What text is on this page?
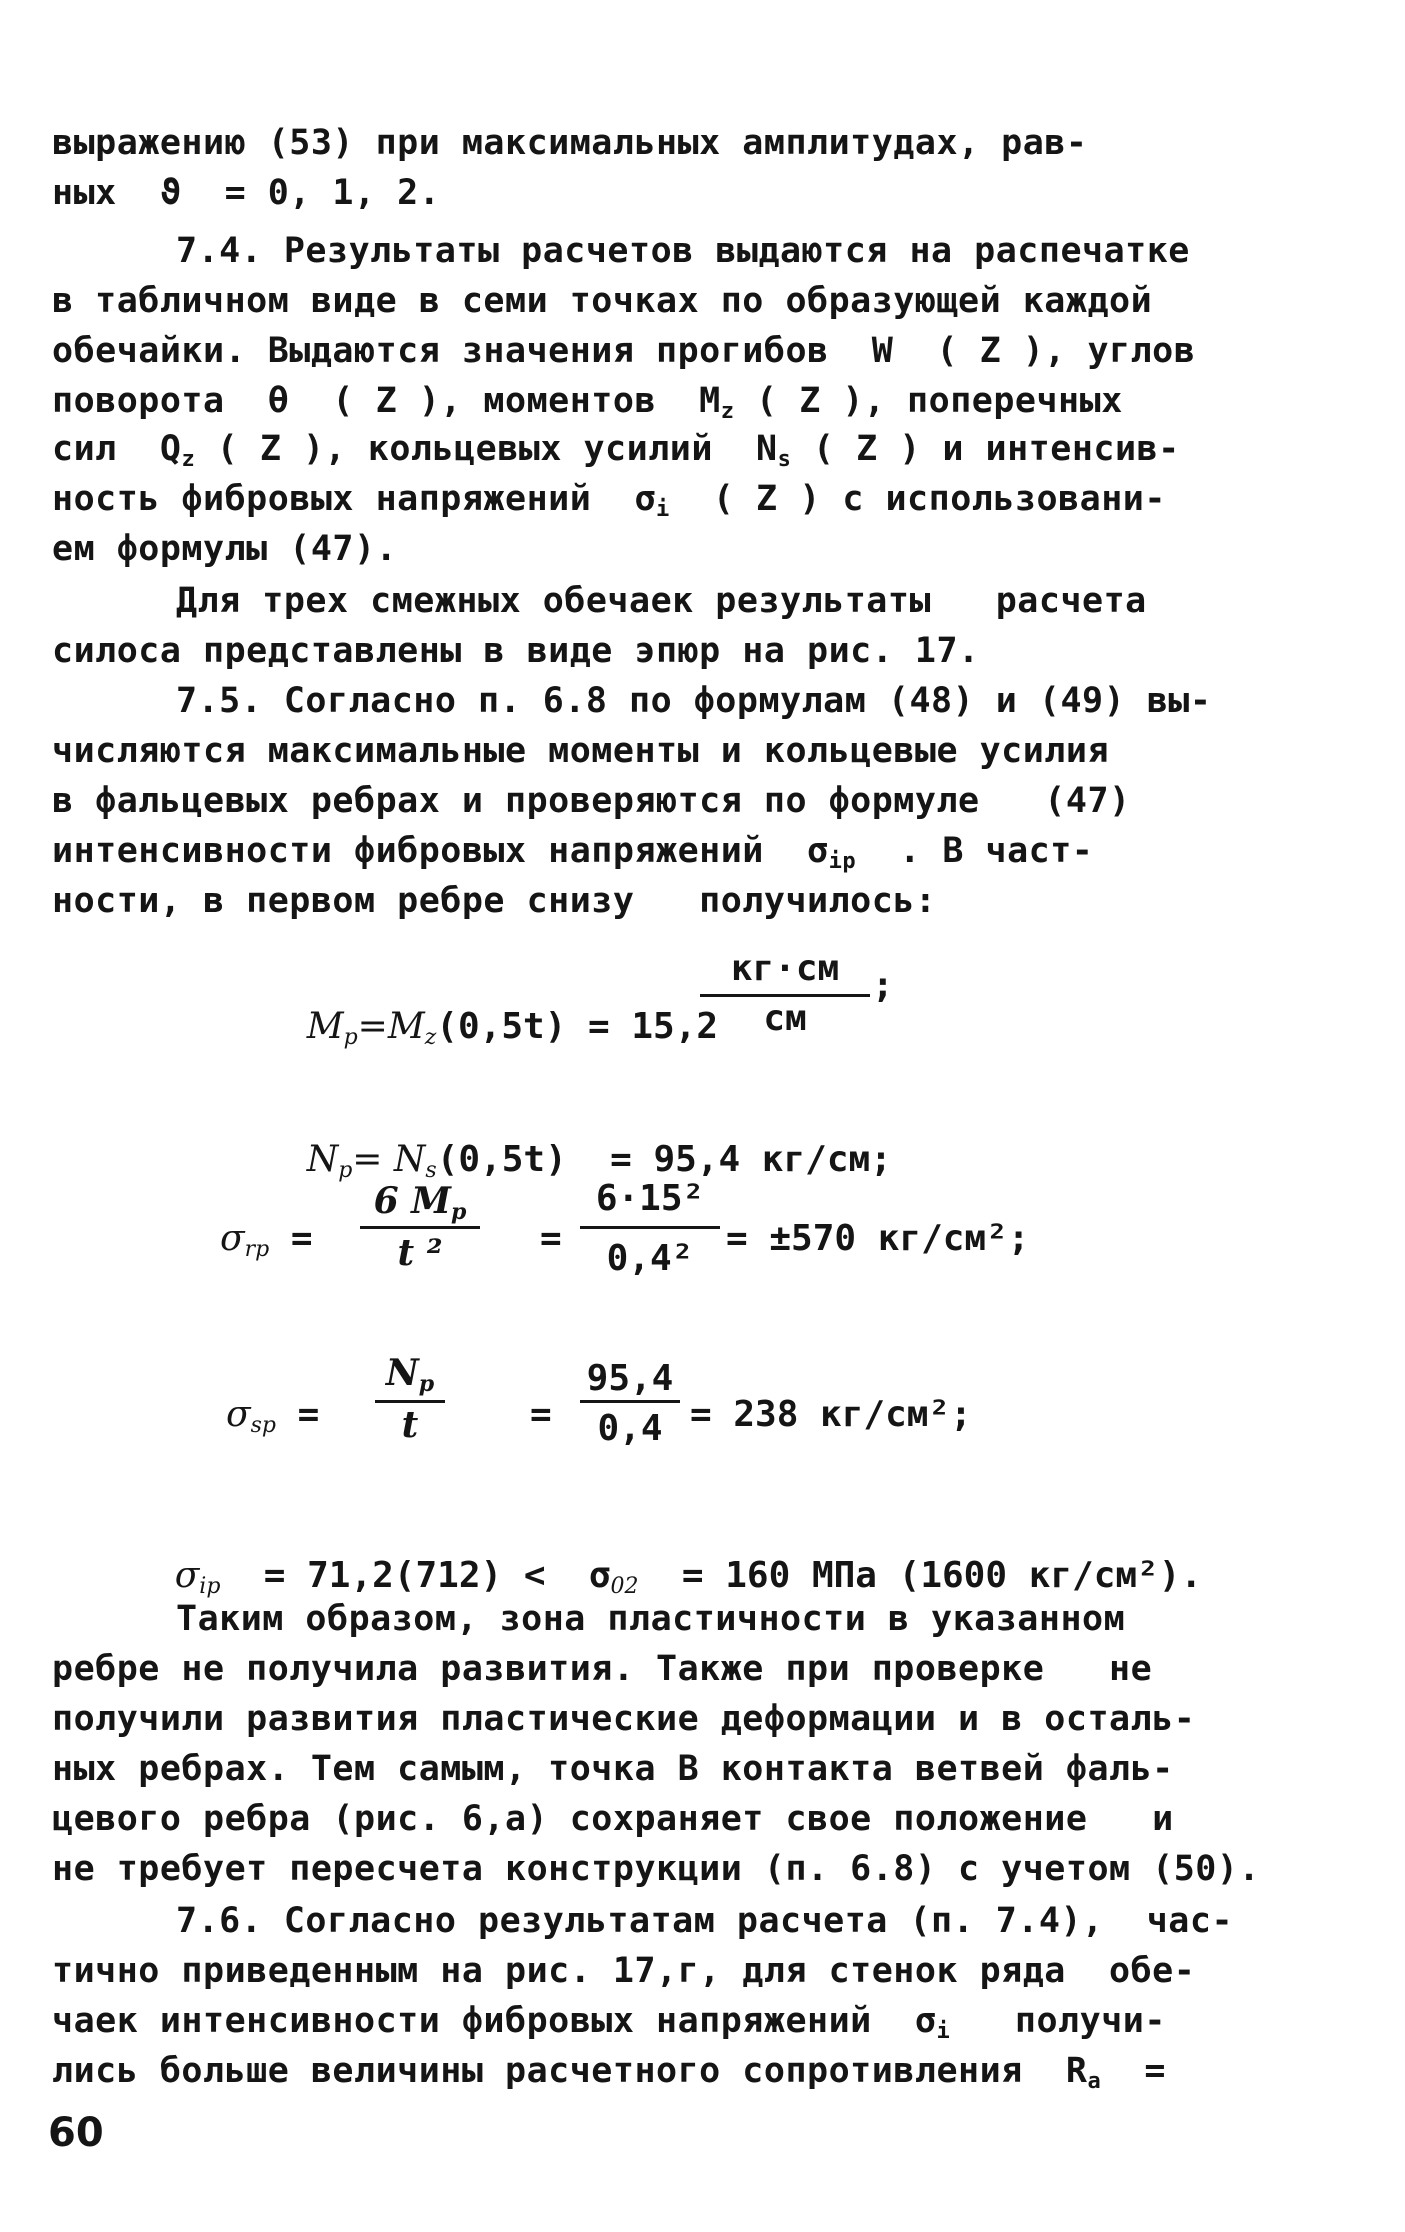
выражению (53) при максимальных амплитудах, рав-
ных  ϑ  = 0, 1, 2.
7.4. Результаты расчетов выдаются на распечатке
в табличном виде в семи точках по образующей каждой
обечайки. Выдаются значения прогибов  W  ( Z ), углов
поворота  θ  ( Z ), моментов  $M_z$ ( Z ), поперечных
сил  $Q_z$ ( Z ), кольцевых усилий  $N_s$ ( Z ) и интенсив-
ность фибровых напряжений  $\sigma_i$  ( Z ) с использовани-
ем формулы (47).
Для трех смежных обечаек результаты   расчета
силоса представлены в виде эпюр на рис. 17.
7.5. Согласно п. 6.8 по формулам (48) и (49) вы-
числяются максимальные моменты и кольцевые усилия
в фальцевых ребрах и проверяются по формуле   (47)
интенсивности фибровых напряжений  $\sigma_{ip}$  . В част-
ности, в первом ребре снизу   получилось:

$M_p=M_z(0,5t) = 15,2$

кг·см
см
;

$N_p= N_s(0,5t) = 95,4$ кг/см;

$\sigma_{rp}$ =
6 $M_p$
t ²	=
6·15²
0,4² = ±570 кг/см²;
$\sigma_{sp}$ =
$N_p$
t	=
95,4
0,4 = 238 кг/см²;

$\sigma_{ip} = 71,2(712) < \sigma_{02} = 160$ МПа (1600 кг/см²).

Таким образом, зона пластичности в указанном
ребре не получила развития. Также при проверке   не
получили развития пластические деформации и в осталь-
ных ребрах. Тем самым, точка В контакта ветвей фаль-
цевого ребра (рис. 6,а) сохраняет свое положение   и
не требует пересчета конструкции (п. 6.8) с учетом (50).
7.6. Согласно результатам расчета (п. 7.4),  час-
тично приведенным на рис. 17,г, для стенок ряда  обе-
чаек интенсивности фибровых напряжений  $\sigma_i$   получи-
лись больше величины расчетного сопротивления  $R_a$  =
60
